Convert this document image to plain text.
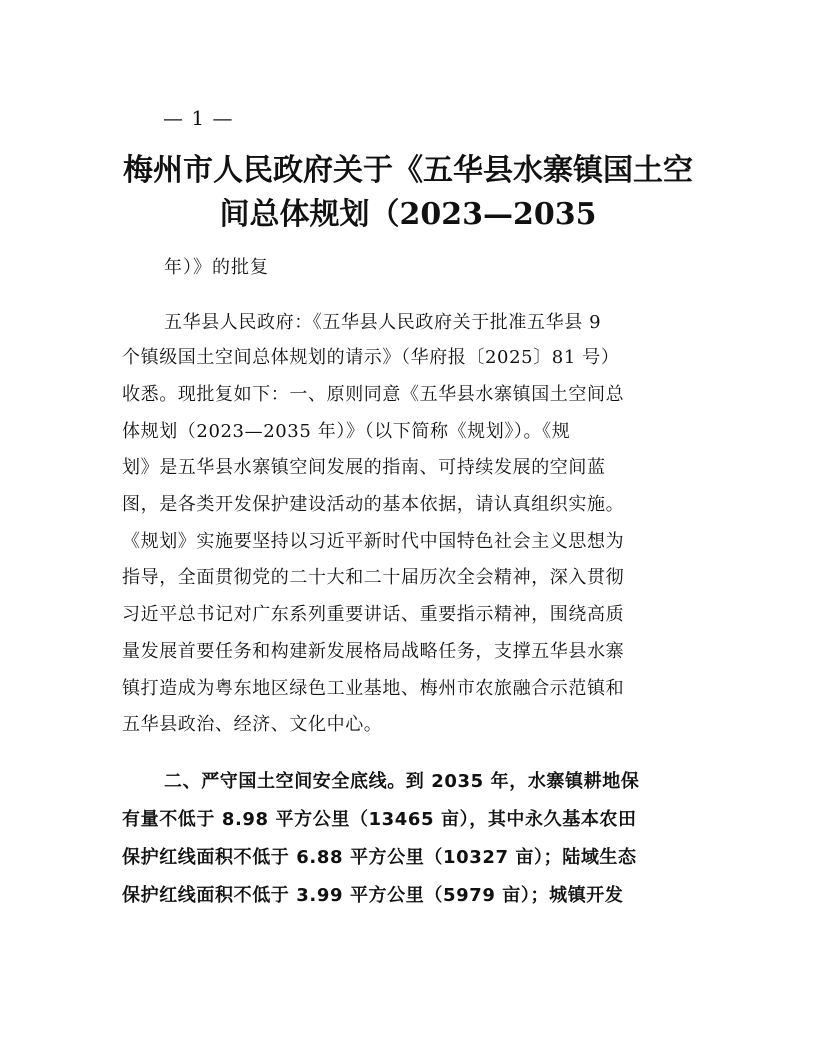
— 1 —
梅州市人民政府关于《五华县水寨镇国土空
间总体规划（2023—2035
年）》的批复
五华县人民政府：《五华县人民政府关于批准五华县 9
个镇级国土空间总体规划的请示》（华府报〔2025〕81 号）
收悉。现批复如下：一、原则同意《五华县水寨镇国土空间总
体规划（2023—2035 年）》（以下简称《规划》）。《规
划》是五华县水寨镇空间发展的指南、可持续发展的空间蓝
图，是各类开发保护建设活动的基本依据，请认真组织实施。
《规划》实施要坚持以习近平新时代中国特色社会主义思想为
指导，全面贯彻党的二十大和二十届历次全会精神，深入贯彻
习近平总书记对广东系列重要讲话、重要指示精神，围绕高质
量发展首要任务和构建新发展格局战略任务，支撑五华县水寨
镇打造成为粤东地区绿色工业基地、梅州市农旅融合示范镇和
五华县政治、经济、文化中心。
二、严守国土空间安全底线。到 2035 年，水寨镇耕地保
有量不低于 8.98 平方公里（13465 亩），其中永久基本农田
保护红线面积不低于 6.88 平方公里（10327 亩）；陆域生态
保护红线面积不低于 3.99 平方公里（5979 亩）；城镇开发
